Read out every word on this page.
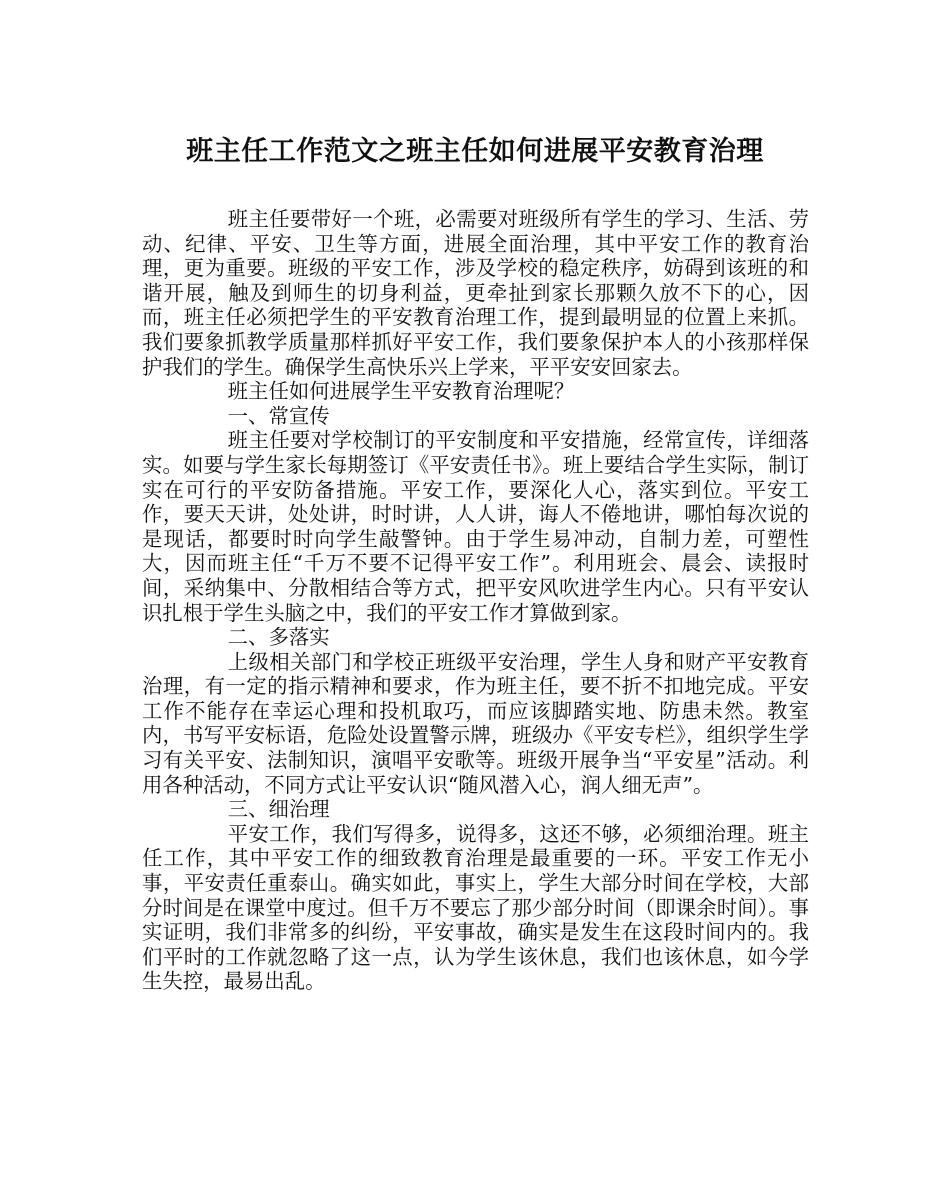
班主任工作范文之班主任如何进展平安教育治理

班主任要带好一个班，必需要对班级所有学生的学习、生活、劳动、纪律、平安、卫生等方面，进展全面治理，其中平安工作的教育治理，更为重要。班级的平安工作，涉及学校的稳定秩序，妨碍到该班的和谐开展，触及到师生的切身利益，更牵扯到家长那颗久放不下的心，因而，班主任必须把学生的平安教育治理工作，提到最明显的位置上来抓。我们要象抓教学质量那样抓好平安工作，我们要象保护本人的小孩那样保护我们的学生。确保学生高快乐兴上学来，平平安安回家去。

班主任如何进展学生平安教育治理呢？

一、常宣传

班主任要对学校制订的平安制度和平安措施，经常宣传，详细落实。如要与学生家长每期签订《平安责任书》。班上要结合学生实际，制订实在可行的平安防备措施。平安工作，要深化人心，落实到位。平安工作，要天天讲，处处讲，时时讲，人人讲，诲人不倦地讲，哪怕每次说的是现话，都要时时向学生敲警钟。由于学生易冲动，自制力差，可塑性大，因而班主任“千万不要不记得平安工作”。利用班会、晨会、读报时间，采纳集中、分散相结合等方式，把平安风吹进学生内心。只有平安认识扎根于学生头脑之中，我们的平安工作才算做到家。

二、多落实

上级相关部门和学校正班级平安治理，学生人身和财产平安教育治理，有一定的指示精神和要求，作为班主任，要不折不扣地完成。平安工作不能存在幸运心理和投机取巧，而应该脚踏实地、防患未然。教室内，书写平安标语，危险处设置警示牌，班级办《平安专栏》，组织学生学习有关平安、法制知识，演唱平安歌等。班级开展争当“平安星”活动。利用各种活动，不同方式让平安认识“随风潜入心，润人细无声”。

三、细治理

平安工作，我们写得多，说得多，这还不够，必须细治理。班主任工作，其中平安工作的细致教育治理是最重要的一环。平安工作无小事，平安责任重泰山。确实如此，事实上，学生大部分时间在学校，大部分时间是在课堂中度过。但千万不要忘了那少部分时间（即课余时间）。事实证明，我们非常多的纠纷，平安事故，确实是发生在这段时间内的。我们平时的工作就忽略了这一点，认为学生该休息，我们也该休息，如今学生失控，最易出乱。
